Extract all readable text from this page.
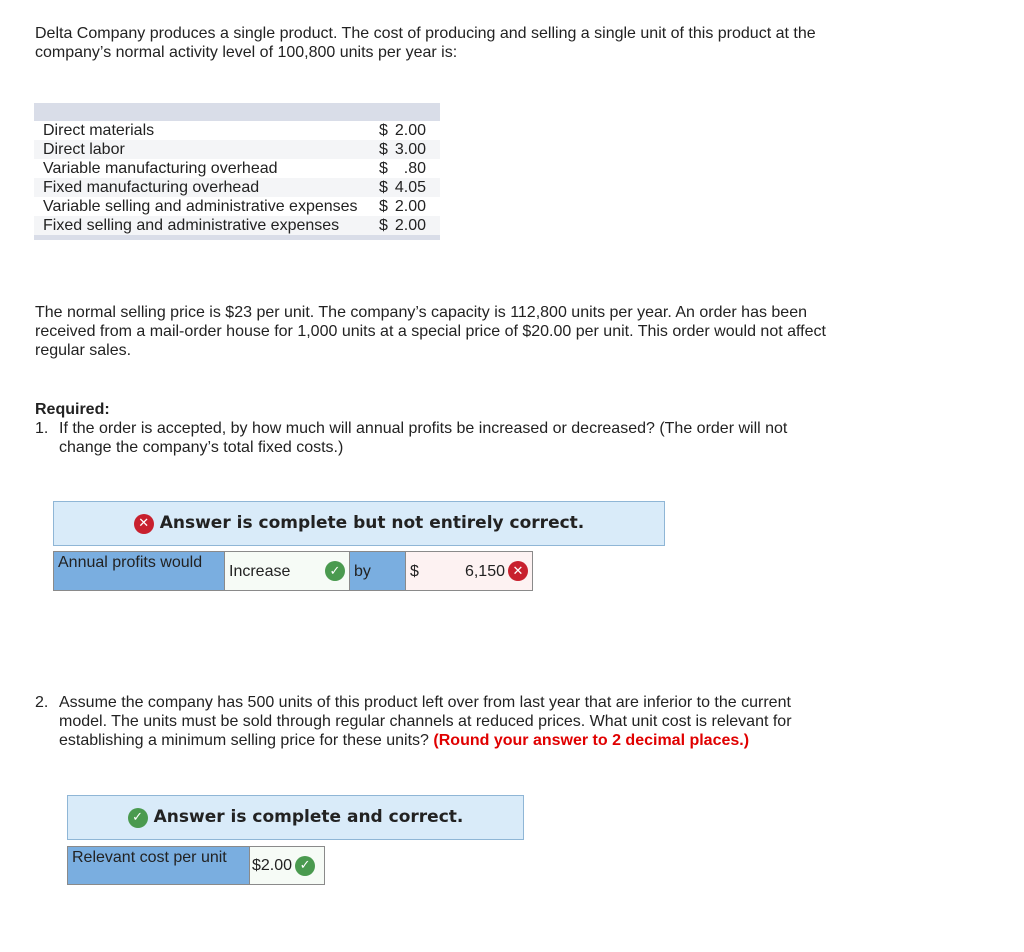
Delta Company produces a single product. The cost of producing and selling a single unit of this product at the company’s normal activity level of 100,800 units per year is:

Direct materials	$ 2.00

Direct labor	$ 3.00

Variable manufacturing overhead	$ .80

Fixed manufacturing overhead	$ 4.05

Variable selling and administrative expenses	$ 2.00

Fixed selling and administrative expenses	$ 2.00

The normal selling price is $23 per unit. The company’s capacity is 112,800 units per year. An order has been received from a mail-order house for 1,000 units at a special price of $20.00 per unit. This order would not affect regular sales.

Required:
1. If the order is accepted, by how much will annual profits be increased or decreased? (The order will not change the company’s total fixed costs.)
✕ Answer is complete but not entirely correct.
Annual profits would	Increase	✓ by	$	6,150 ✕
2. Assume the company has 500 units of this product left over from last year that are inferior to the current model. The units must be sold through regular channels at reduced prices. What unit cost is relevant for establishing a minimum selling price for these units? (Round your answer to 2 decimal places.)
✓ Answer is complete and correct.
Relevant cost per unit	$2.00 ✓
